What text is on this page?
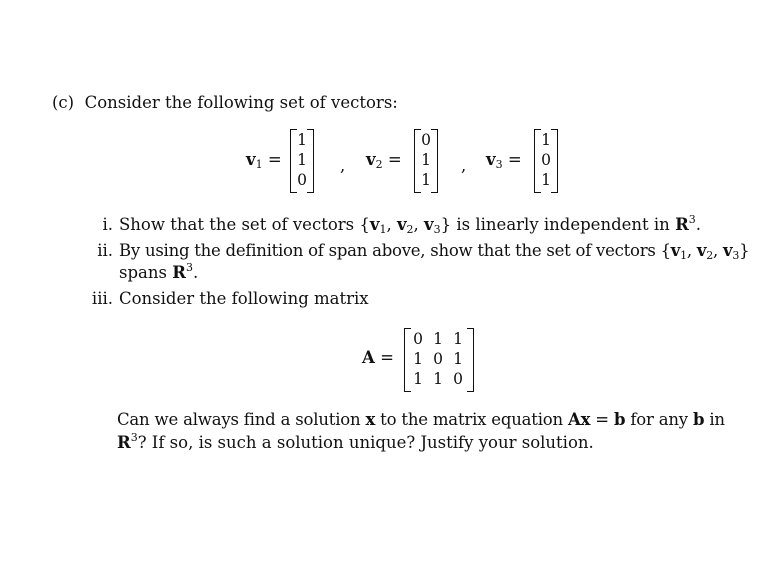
(c) Consider the following set of vectors:
$v_1$ =
1
1
0
, $v_2$ =
0
1
1
, $v_3$ =
1
0
1
i. Show that the set of vectors {$v_1$, $v_2$, $v_3$} is linearly independent in $R^3$.
ii. By using the definition of span above, show that the set of vectors {$v_1$, $v_2$, $v_3$}
spans $R^3$.
iii. Consider the following matrix
A =
0 1 1
1 0 1
1 1 0
Can we always find a solution x to the matrix equation Ax = b for any b in
$R^3$? If so, is such a solution unique? Justify your solution.
